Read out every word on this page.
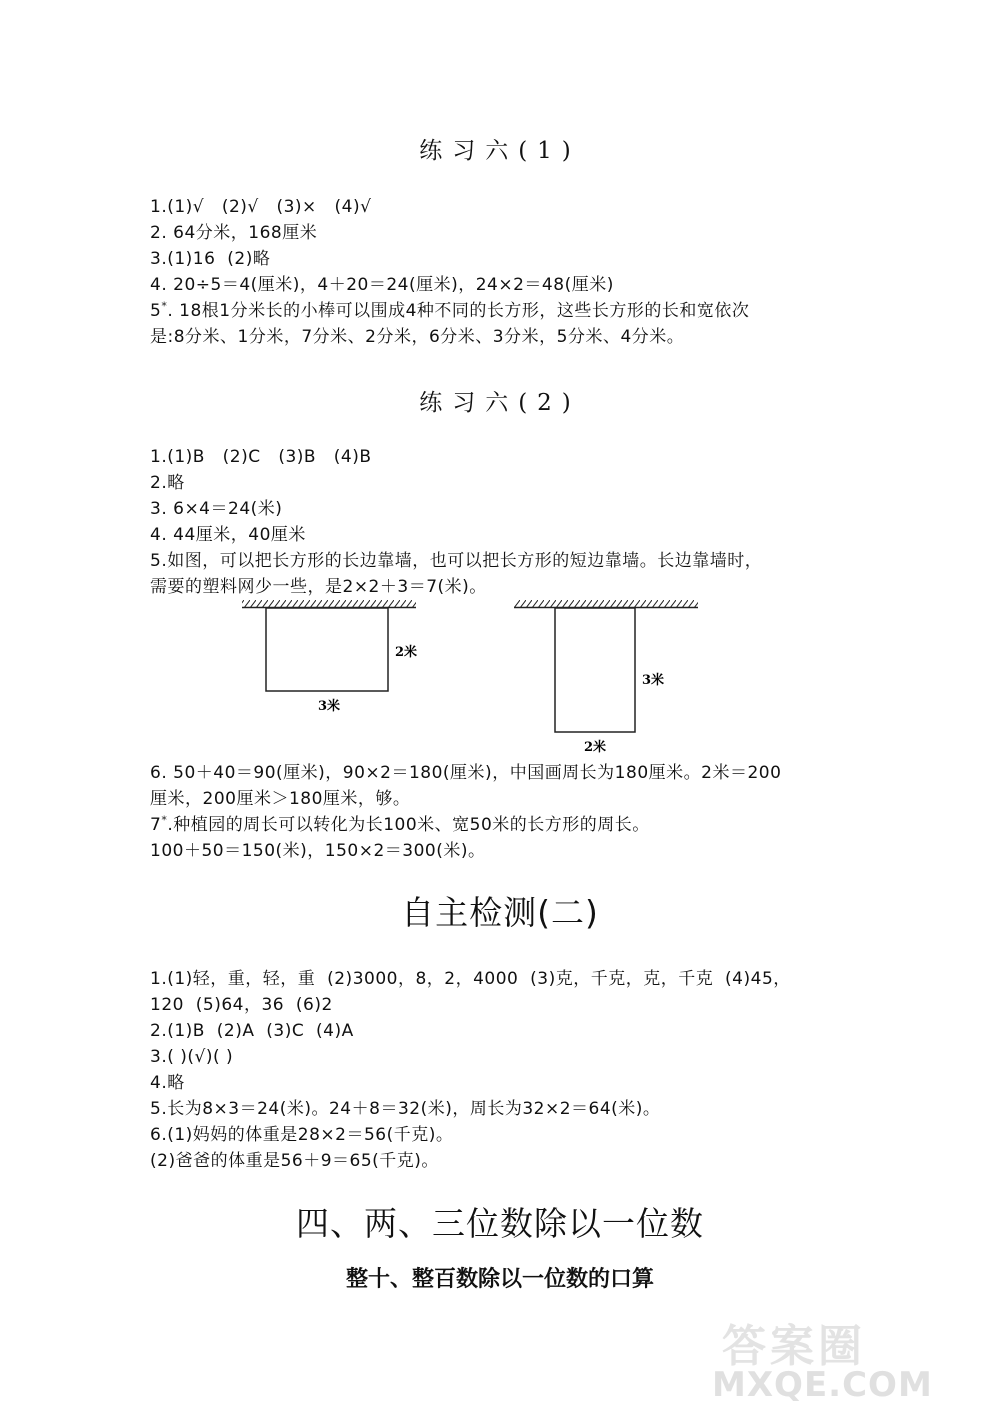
练习六(1)
1.(1)√   (2)√   (3)×   (4)√
2. 64分米，168厘米
3.(1)16  (2)略
4. 20÷5＝4(厘米)，4＋20＝24(厘米)，24×2＝48(厘米)
5*. 18根1分米长的小棒可以围成4种不同的长方形，这些长方形的长和宽依次
是:8分米、1分米，7分米、2分米，6分米、3分米，5分米、4分米。
练习六(2)
1.(1)B   (2)C   (3)B   (4)B
2.略
3. 6×4＝24(米)
4. 44厘米，40厘米
5.如图，可以把长方形的长边靠墙，也可以把长方形的短边靠墙。长边靠墙时，
需要的塑料网少一些，是2×2＋3＝7(米)。
2米
3米
3米
2米
6. 50＋40＝90(厘米)，90×2＝180(厘米)，中国画周长为180厘米。2米＝200
厘米，200厘米＞180厘米，够。
7*.种植园的周长可以转化为长100米、宽50米的长方形的周长。
100＋50＝150(米)，150×2＝300(米)。
自主检测(二)
1.(1)轻，重，轻，重  (2)3000，8，2，4000  (3)克，千克，克，千克  (4)45，
120  (5)64，36  (6)2
2.(1)B  (2)A  (3)C  (4)A
3.( )(√)( )
4.略
5.长为8×3＝24(米)。24＋8＝32(米)，周长为32×2＝64(米)。
6.(1)妈妈的体重是28×2＝56(千克)。
(2)爸爸的体重是56＋9＝65(千克)。
四、两、三位数除以一位数
整十、整百数除以一位数的口算
答案圈
MXQE.COM
